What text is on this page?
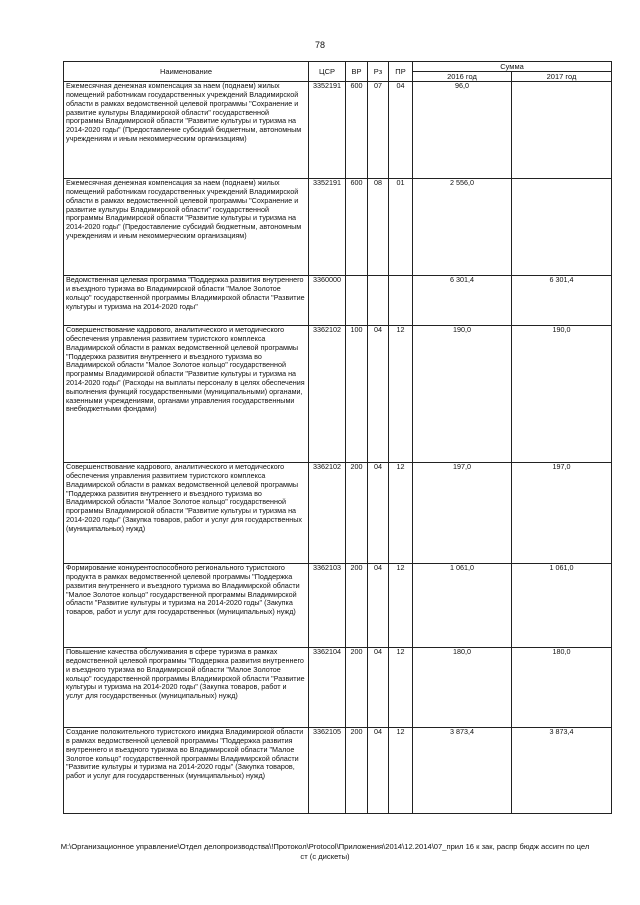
78
Наименование	ЦСР	ВР	Рз	ПР	Сумма	
					2016 год	2017 год
Ежемесячная денежная компенсация за наем (поднаем) жилых помещений работникам государственных учреждений Владимирской области в рамках ведомственной целевой программы "Сохранение и развитие культуры Владимирской области" государственной программы Владимирской области "Развитие культуры и туризма на 2014-2020 годы" (Предоставление субсидий бюджетным, автономным учреждениям и иным некоммерческим организациям)	3352191	600	07	04	96,0	
Ежемесячная денежная компенсация за наем (поднаем) жилых помещений работникам государственных учреждений Владимирской области в рамках ведомственной целевой программы "Сохранение и развитие культуры Владимирской области" государственной программы Владимирской области "Развитие культуры и туризма на 2014-2020 годы" (Предоставление субсидий бюджетным, автономным учреждениям и иным некоммерческим организациям)	3352191	600	08	01	2 556,0	
Ведомственная целевая программа "Поддержка развития внутреннего и въездного туризма во Владимирской области "Малое Золотое кольцо" государственной программы Владимирской области "Развитие культуры и туризма на 2014-2020 годы"	3360000				6 301,4	6 301,4
Совершенствование кадрового, аналитического и методического обеспечения управления развитием туристского комплекса Владимирской области в рамках ведомственной целевой программы "Поддержка развития внутреннего и въездного туризма во Владимирской области "Малое Золотое кольцо" государственной программы Владимирской области "Развитие культуры и туризма на 2014-2020 годы" (Расходы на выплаты персоналу в целях обеспечения выполнения функций государственными (муниципальными) органами, казенными учреждениями, органами управления государственными внебюджетными фондами)	3362102	100	04	12	190,0	190,0
Совершенствование кадрового, аналитического и методического обеспечения управления развитием туристского комплекса Владимирской области в рамках ведомственной целевой программы "Поддержка развития внутреннего и въездного туризма во Владимирской области "Малое Золотое кольцо" государственной программы Владимирской области "Развитие культуры и туризма на 2014-2020 годы" (Закупка товаров, работ и услуг для государственных (муниципальных) нужд)	3362102	200	04	12	197,0	197,0
Формирование конкурентоспособного регионального туристского продукта в рамках ведомственной целевой программы "Поддержка развития внутреннего и въездного туризма во Владимирской области "Малое Золотое кольцо" государственной программы Владимирской области "Развитие культуры и туризма на 2014-2020 годы" (Закупка товаров, работ и услуг для государственных (муниципальных) нужд)	3362103	200	04	12	1 061,0	1 061,0
Повышение качества обслуживания в сфере туризма в рамках ведомственной целевой программы "Поддержка развития внутреннего и въездного туризма во Владимирской области "Малое Золотое кольцо" государственной программы Владимирской области "Развитие культуры и туризма на 2014-2020 годы" (Закупка товаров, работ и услуг для государственных (муниципальных) нужд)	3362104	200	04	12	180,0	180,0
Создание положительного туристского имиджа Владимирской области в рамках ведомственной целевой программы "Поддержка развития внутреннего и въездного туризма во Владимирской области "Малое Золотое кольцо" государственной программы Владимирской области "Развитие культуры и туризма на 2014-2020 годы" (Закупка товаров, работ и услуг для государственных (муниципальных) нужд)	3362105	200	04	12	3 873,4	3 873,4
M:\Организационное управление\Отдел делопроизводства\!Протокол\Protocol\Приложения\2014\12.2014\07_прил 16 к зак, распр бюдж ассигн по цел ст (с дискеты)
